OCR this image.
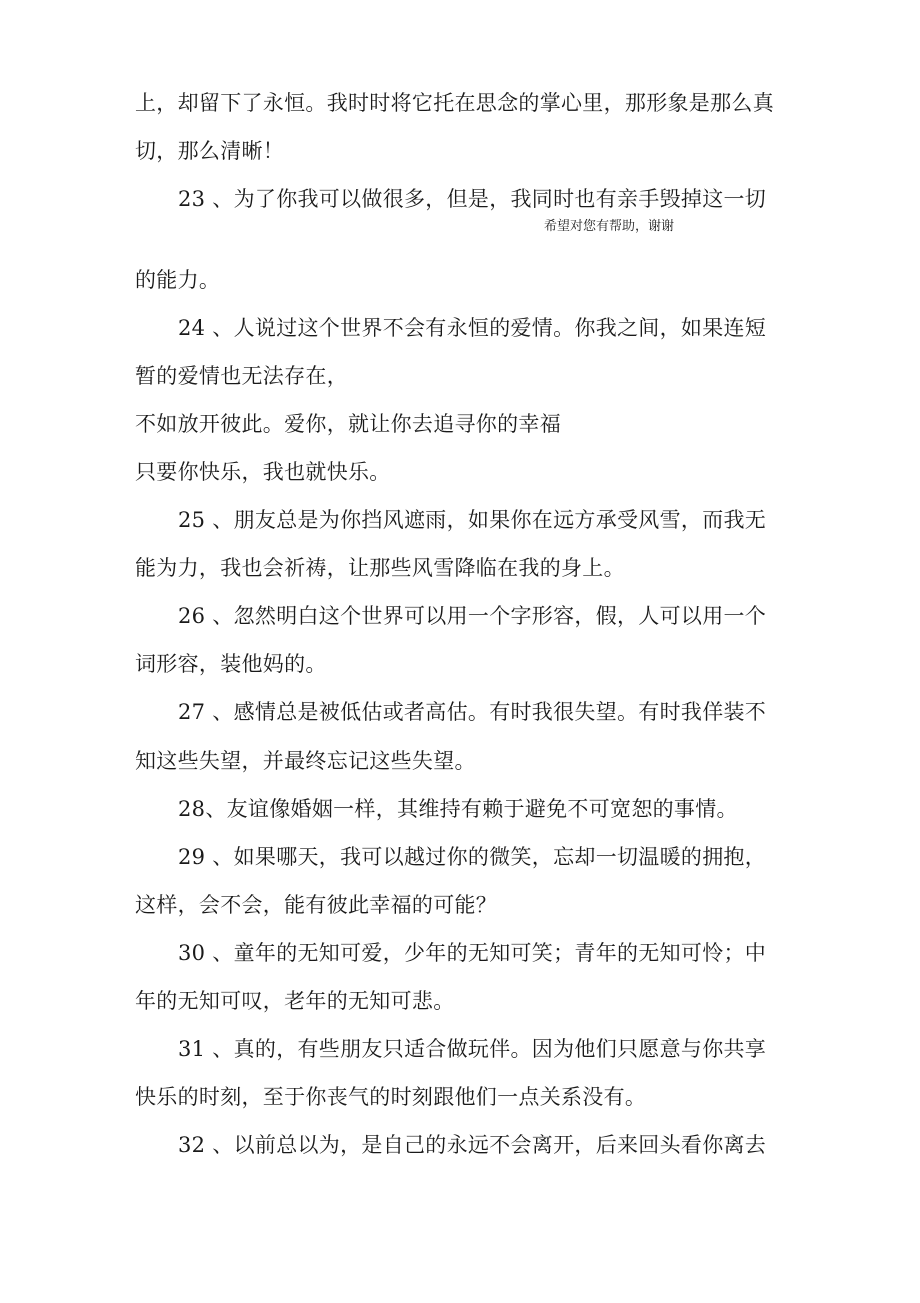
上，却留下了永恒。我时时将它托在思念的掌心里，那形象是那么真
切，那么清晰！
23 、为了你我可以做很多，但是，我同时也有亲手毁掉这一切
希望对您有帮助，谢谢
的能力。
24 、人说过这个世界不会有永恒的爱情。你我之间，如果连短
暂的爱情也无法存在，
不如放开彼此。爱你，就让你去追寻你的幸福
只要你快乐，我也就快乐。
25 、朋友总是为你挡风遮雨，如果你在远方承受风雪，而我无
能为力，我也会祈祷，让那些风雪降临在我的身上。
26 、忽然明白这个世界可以用一个字形容，假，人可以用一个
词形容，装他妈的。
27 、感情总是被低估或者高估。有时我很失望。有时我佯装不
知这些失望，并最终忘记这些失望。
28、友谊像婚姻一样，其维持有赖于避免不可宽恕的事情。
29 、如果哪天，我可以越过你的微笑，忘却一切温暖的拥抱，
这样，会不会，能有彼此幸福的可能？
30 、童年的无知可爱，少年的无知可笑；青年的无知可怜；中
年的无知可叹，老年的无知可悲。
31 、真的，有些朋友只适合做玩伴。因为他们只愿意与你共享
快乐的时刻，至于你丧气的时刻跟他们一点关系没有。
32 、以前总以为，是自己的永远不会离开，后来回头看你离去
